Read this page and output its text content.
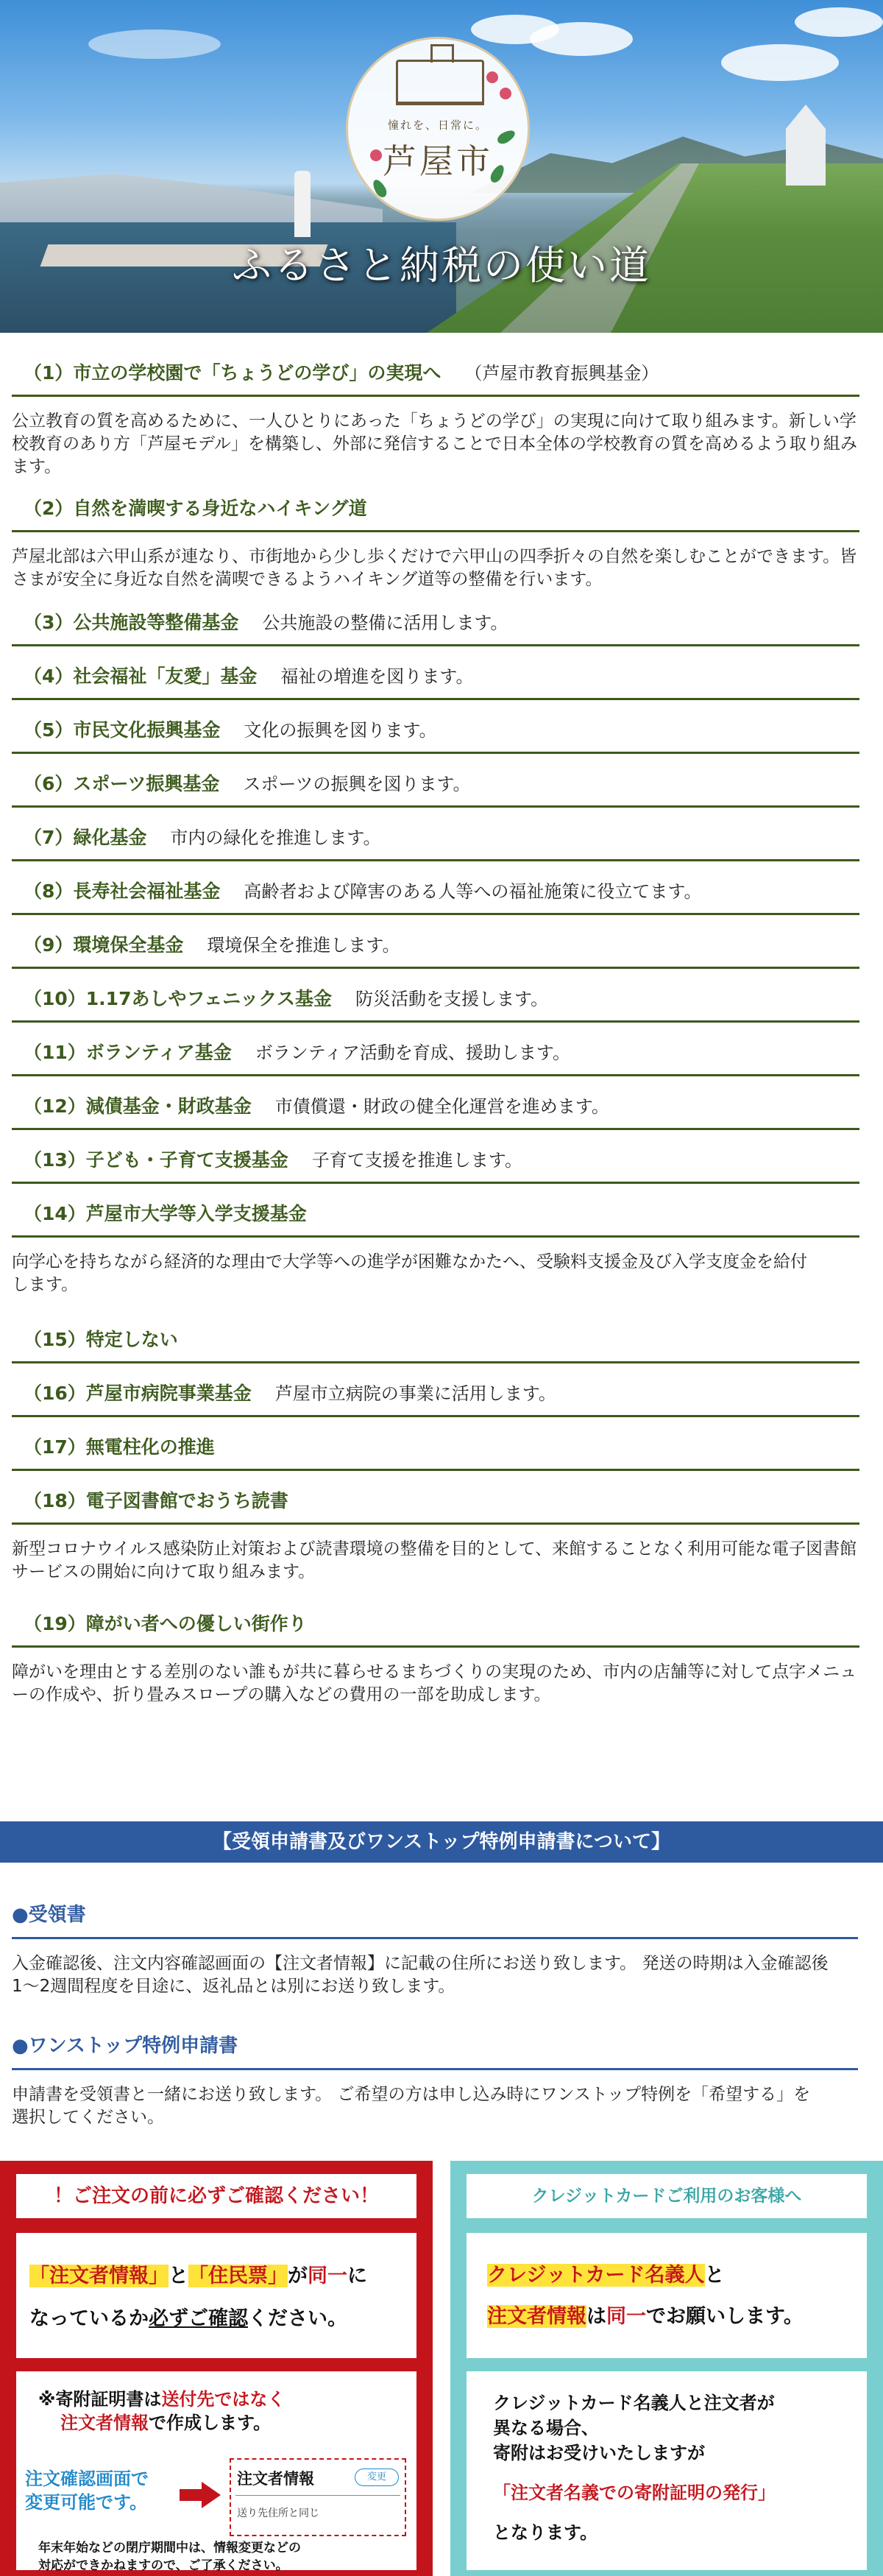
憧れを、日常に。
芦屋市
ふるさと納税の使い道
（1）市立の学校園で「ちょうどの学び」の実現へ （芦屋市教育振興基金）
公立教育の質を高めるために、一人ひとりにあった「ちょうどの学び」の実現に向けて取り組みます。新しい学校教育のあり方「芦屋モデル」を構築し、外部に発信することで日本全体の学校教育の質を高めるよう取り組みます。
（2）自然を満喫する身近なハイキング道
芦屋北部は六甲山系が連なり、市街地から少し歩くだけで六甲山の四季折々の自然を楽しむことができます。皆さまが安全に身近な自然を満喫できるようハイキング道等の整備を行います。
（3）公共施設等整備基金 公共施設の整備に活用します。
（4）社会福祉「友愛」基金 福祉の増進を図ります。
（5）市民文化振興基金 文化の振興を図ります。
（6）スポーツ振興基金 スポーツの振興を図ります。
（7）緑化基金 市内の緑化を推進します。
（8）長寿社会福祉基金 高齢者および障害のある人等への福祉施策に役立てます。
（9）環境保全基金 環境保全を推進します。
（10）1.17あしやフェニックス基金 防災活動を支援します。
（11）ボランティア基金 ボランティア活動を育成、援助します。
（12）減債基金・財政基金 市債償還・財政の健全化運営を進めます。
（13）子ども・子育て支援基金 子育て支援を推進します。
（14）芦屋市大学等入学支援基金
向学心を持ちながら経済的な理由で大学等への進学が困難なかたへ、受験料支援金及び入学支度金を給付します。
（15）特定しない
（16）芦屋市病院事業基金 芦屋市立病院の事業に活用します。
（17）無電柱化の推進
（18）電子図書館でおうち読書
新型コロナウイルス感染防止対策および読書環境の整備を目的として、来館することなく利用可能な電子図書館サービスの開始に向けて取り組みます。
（19）障がい者への優しい街作り
障がいを理由とする差別のない誰もが共に暮らせるまちづくりの実現のため、市内の店舗等に対して点字メニューの作成や、折り畳みスロープの購入などの費用の一部を助成します。
【受領申請書及びワンストップ特例申請書について】
●受領書
入金確認後、注文内容確認画面の【注文者情報】に記載の住所にお送り致します。 発送の時期は入金確認後 1〜2週間程度を目途に、返礼品とは別にお送り致します。
●ワンストップ特例申請書
申請書を受領書と一緒にお送り致します。 ご希望の方は申し込み時にワンストップ特例を「希望する」を選択してください。
！ご注文の前に必ずご確認ください！
「注文者情報」と「住民票」が同一に
なっているか必ずご確認ください。
※寄附証明書は送付先ではなく
注文者情報で作成します。
注文確認画面で
変更可能です。
注文者情報	変更
送り先住所と同じ
年末年始などの閉庁期間中は、情報変更などの
対応ができかねますので、ご了承ください。
クレジットカードご利用のお客様へ
クレジットカード名義人と
注文者情報は同一でお願いします。
クレジットカード名義人と注文者が
異なる場合、
寄附はお受けいたしますが
「注文者名義での寄附証明の発行」
となります。
